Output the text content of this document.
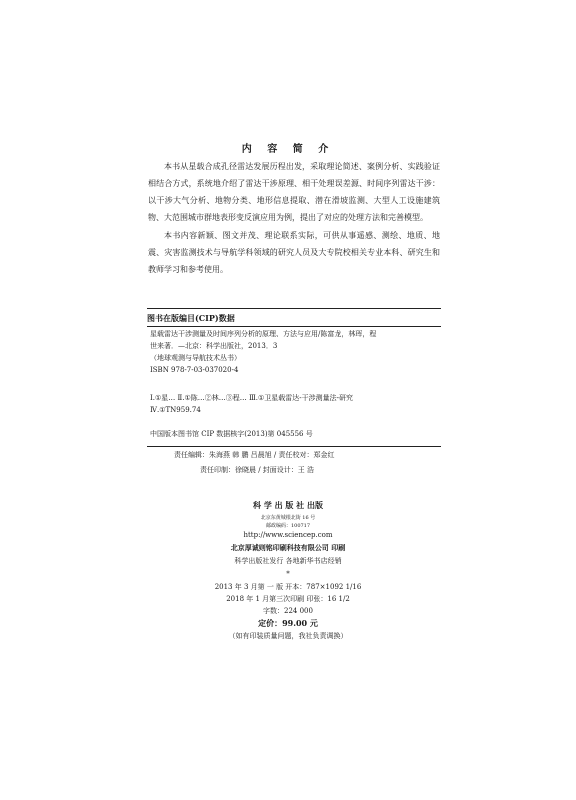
内 容 简 介

本书从星载合成孔径雷达发展历程出发，采取理论简述、案例分析、实践验证相结合方式，系统地介绍了雷达干涉原理、相干处理误差源、时间序列雷达干涉：以干涉大气分析、地物分类、地形信息提取、潜在滑坡监测、大型人工设施建筑物、大范围城市群地表形变反演应用为例，提出了对应的处理方法和完善模型。

本书内容新颖、图文并茂、理论联系实际，可供从事遥感、测绘、地质、地震、灾害监测技术与导航学科领域的研究人员及大专院校相关专业本科、研究生和教师学习和参考使用。

图书在版编目(CIP)数据
星载雷达干涉测量及时间序列分析的原理、方法与应用/陈富龙，林珲，程
世来著．—北京：科学出版社，2013．3
（地球观测与导航技术丛书）
ISBN 978-7-03-037020-4
Ⅰ.①星… Ⅱ.①陈…②林…③程… Ⅲ.①卫星载雷达-干涉测量法-研究
Ⅳ.①TN959.74
中国版本图书馆 CIP 数据核字(2013)第 045556 号
责任编辑：朱海燕 韩 鹏 吕晨旭 / 责任校对：郑金红
责任印制：徐晓晨 / 封面设计：王 浩
科 学 出 版 社 出版
北京东黄城根北街 16 号
邮政编码：100717
http://www.sciencep.com
北京厚诚则铭印刷科技有限公司 印刷
科学出版社发行 各地新华书店经销
*
2013 年 3 月第 一 版 开本：787×1092 1/16
2018 年 1 月第三次印刷 印张：16 1/2
字数：224 000
定价：99.00 元
（如有印装质量问题，我社负责调换）
